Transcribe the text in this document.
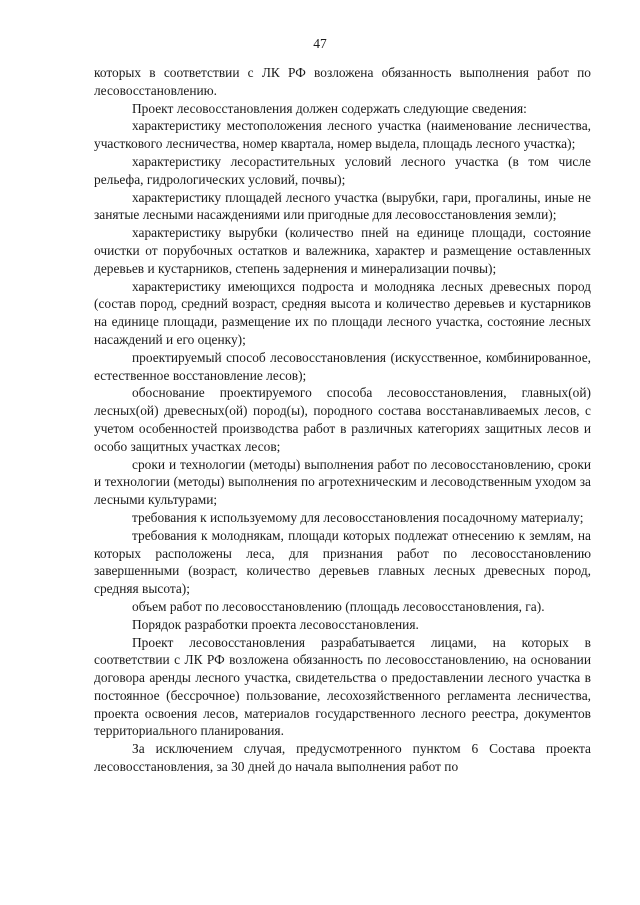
47

которых в соответствии с ЛК РФ возложена обязанность выполнения работ по лесовосстановлению.

Проект лесовосстановления должен содержать следующие сведения:

характеристику местоположения лесного участка (наименование лесничества, участкового лесничества, номер квартала, номер выдела, площадь лесного участка);

характеристику лесорастительных условий лесного участка (в том числе рельефа, гидрологических условий, почвы);

характеристику площадей лесного участка (вырубки, гари, прогалины, иные не занятые лесными насаждениями или пригодные для лесовосстановления земли);

характеристику вырубки (количество пней на единице площади, состояние очистки от порубочных остатков и валежника, характер и размещение оставленных деревьев и кустарников, степень задернения и минерализации почвы);

характеристику имеющихся подроста и молодняка лесных древесных пород (состав пород, средний возраст, средняя высота и количество деревьев и кустарников на единице площади, размещение их по площади лесного участка, состояние лесных насаждений и его оценку);

проектируемый способ лесовосстановления (искусственное, комбинированное, естественное восстановление лесов);

обоснование проектируемого способа лесовосстановления, главных(ой) лесных(ой) древесных(ой) пород(ы), породного состава восстанавливаемых лесов, с учетом особенностей производства работ в различных категориях защитных лесов и особо защитных участках лесов;

сроки и технологии (методы) выполнения работ по лесовосстановлению, сроки и технологии (методы) выполнения по агротехническим и лесоводственным уходом за лесными культурами;

требования к используемому для лесовосстановления посадочному материалу;

требования к молоднякам, площади которых подлежат отнесению к землям, на которых расположены леса, для признания работ по лесовосстановлению завершенными (возраст, количество деревьев главных лесных древесных пород, средняя высота);

объем работ по лесовосстановлению (площадь лесовосстановления, га).

Порядок разработки проекта лесовосстановления.

Проект лесовосстановления разрабатывается лицами, на которых в соответствии с ЛК РФ возложена обязанность по лесовосстановлению, на основании договора аренды лесного участка, свидетельства о предоставлении лесного участка в постоянное (бессрочное) пользование, лесохозяйственного регламента лесничества, проекта освоения лесов, материалов государственного лесного реестра, документов территориального планирования.

За исключением случая, предусмотренного пунктом 6 Состава проекта лесовосстановления, за 30 дней до начала выполнения работ по
